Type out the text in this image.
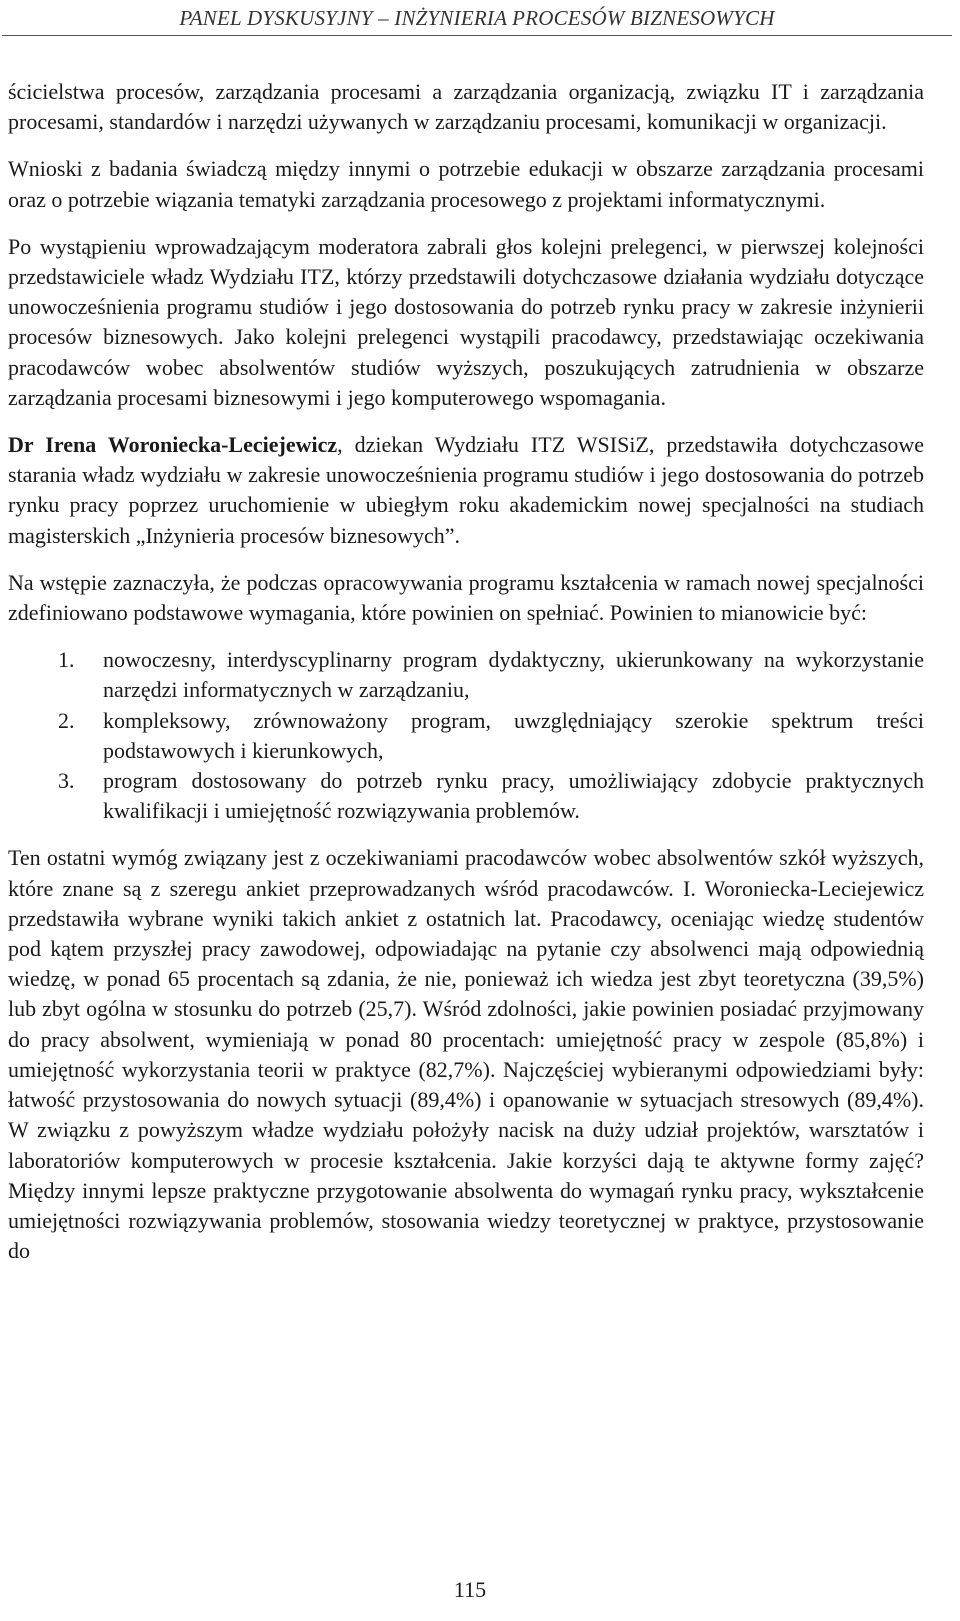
PANEL DYSKUSYJNY – INŻYNIERIA PROCESÓW BIZNESOWYCH

ścicielstwa procesów, zarządzania procesami a zarządzania organizacją, związku IT i zarządzania procesami, standardów i narzędzi używanych w zarządzaniu procesami, komunikacji w organizacji.

Wnioski z badania świadczą między innymi o potrzebie edukacji w obszarze zarządzania procesami oraz o potrzebie wiązania tematyki zarządzania procesowego z projektami informatycznymi.

Po wystąpieniu wprowadzającym moderatora zabrali głos kolejni prelegenci, w pierwszej kolejności przedstawiciele władz Wydziału ITZ, którzy przedstawili dotychczasowe działania wydziału dotyczące unowocześnienia programu studiów i jego dostosowania do potrzeb rynku pracy w zakresie inżynierii procesów biznesowych. Jako kolejni prelegenci wystąpili pracodawcy, przedstawiając oczekiwania pracodawców wobec absolwentów studiów wyższych, poszukujących zatrudnienia w obszarze zarządzania procesami biznesowymi i jego komputerowego wspomagania.

Dr Irena Woroniecka-Leciejewicz, dziekan Wydziału ITZ WSISiZ, przedstawiła dotychczasowe starania władz wydziału w zakresie unowocześnienia programu studiów i jego dostosowania do potrzeb rynku pracy poprzez uruchomienie w ubiegłym roku akademickim nowej specjalności na studiach magisterskich „Inżynieria procesów biznesowych”.

Na wstępie zaznaczyła, że podczas opracowywania programu kształcenia w ramach nowej specjalności zdefiniowano podstawowe wymagania, które powinien on spełniać. Powinien to mianowicie być:

1. nowoczesny, interdyscyplinarny program dydaktyczny, ukierunkowany na wykorzystanie narzędzi informatycznych w zarządzaniu,
2. kompleksowy, zrównoważony program, uwzględniający szerokie spektrum treści podstawowych i kierunkowych,
3. program dostosowany do potrzeb rynku pracy, umożliwiający zdobycie praktycznych kwalifikacji i umiejętność rozwiązywania problemów.

Ten ostatni wymóg związany jest z oczekiwaniami pracodawców wobec absolwentów szkół wyższych, które znane są z szeregu ankiet przeprowadzanych wśród pracodawców. I. Woroniecka-Leciejewicz przedstawiła wybrane wyniki takich ankiet z ostatnich lat. Pracodawcy, oceniając wiedzę studentów pod kątem przyszłej pracy zawodowej, odpowiadając na pytanie czy absolwenci mają odpowiednią wiedzę, w ponad 65 procentach są zdania, że nie, ponieważ ich wiedza jest zbyt teoretyczna (39,5%) lub zbyt ogólna w stosunku do potrzeb (25,7). Wśród zdolności, jakie powinien posiadać przyjmowany do pracy absolwent, wymieniają w ponad 80 procentach: umiejętność pracy w zespole (85,8%) i umiejętność wykorzystania teorii w praktyce (82,7%). Najczęściej wybieranymi odpowiedziami były: łatwość przystosowania do nowych sytuacji (89,4%) i opanowanie w sytuacjach stresowych (89,4%). W związku z powyższym władze wydziału położyły nacisk na duży udział projektów, warsztatów i laboratoriów komputerowych w procesie kształcenia. Jakie korzyści dają te aktywne formy zajęć? Między innymi lepsze praktyczne przygotowanie absolwenta do wymagań rynku pracy, wykształcenie umiejętności rozwiązywania problemów, stosowania wiedzy teoretycznej w praktyce, przystosowanie do

115
